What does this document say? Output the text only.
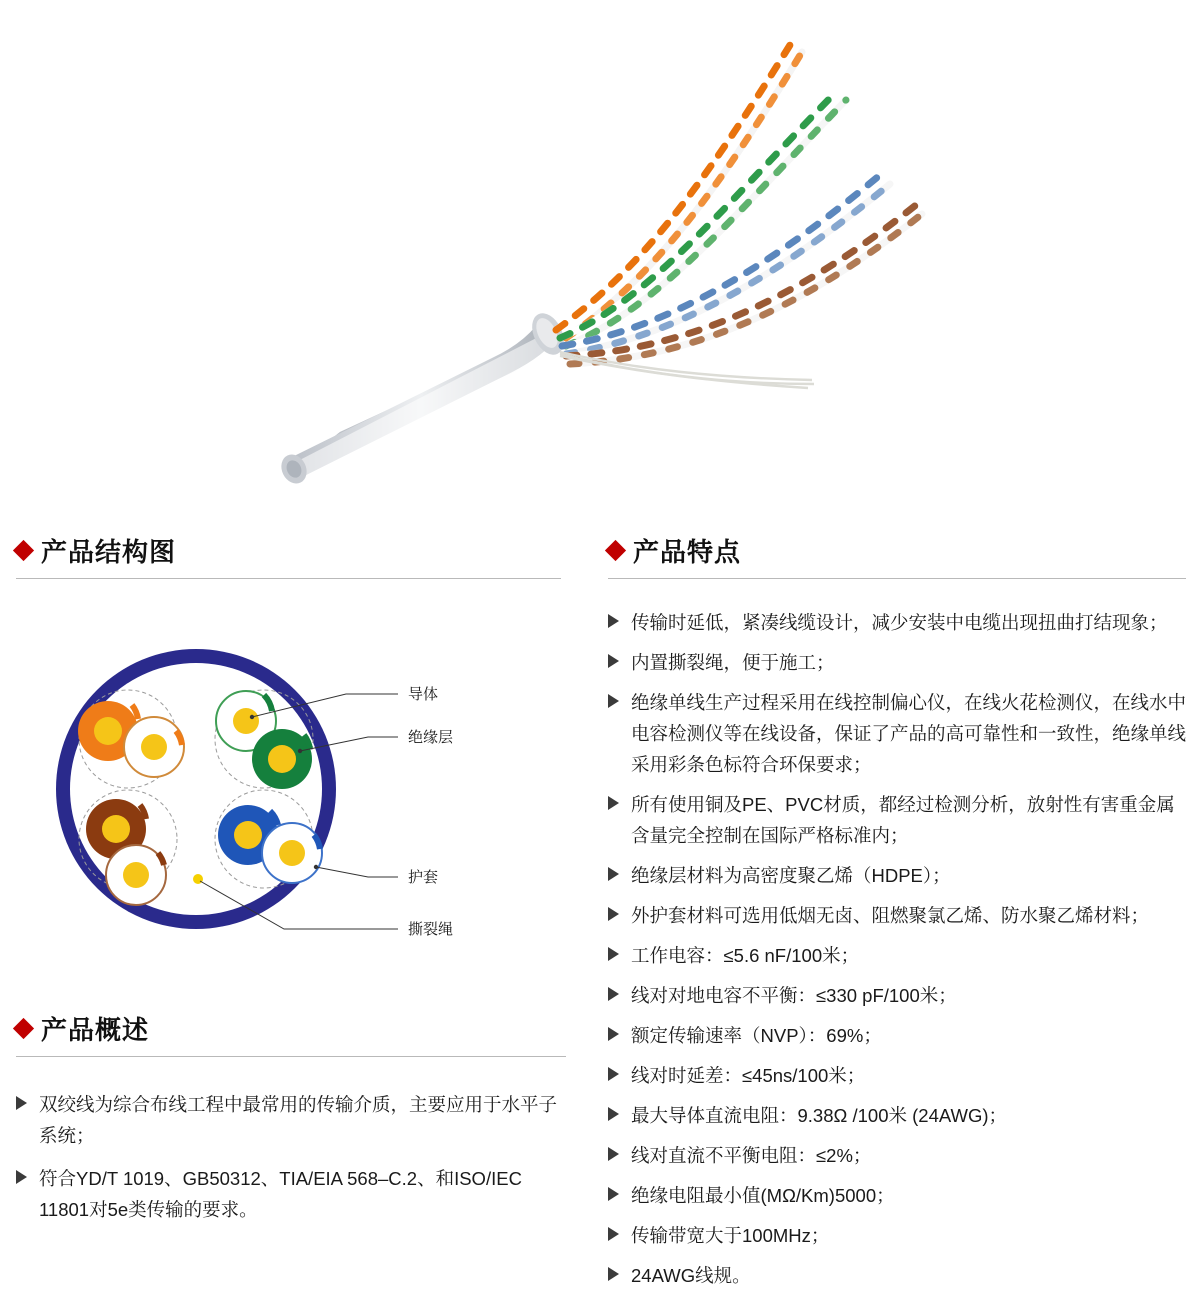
产品结构图
导体
绝缘层
护套
撕裂绳
产品概述
双绞线为综合布线工程中最常用的传输介质，主要应用于水平子系统；
符合YD/T 1019、GB50312、TIA/EIA 568–C.2、和ISO/IEC 11801对5e类传输的要求。
产品特点
传输时延低，紧凑线缆设计，减少安装中电缆出现扭曲打结现象；
内置撕裂绳，便于施工；
绝缘单线生产过程采用在线控制偏心仪，在线火花检测仪，在线水中电容检测仪等在线设备，保证了产品的高可靠性和一致性，绝缘单线采用彩条色标符合环保要求；
所有使用铜及PE、PVC材质，都经过检测分析，放射性有害重金属含量完全控制在国际严格标准内；
绝缘层材料为高密度聚乙烯（HDPE）；
外护套材料可选用低烟无卤、阻燃聚氯乙烯、防水聚乙烯材料；
工作电容：≤5.6 nF/100米；
线对对地电容不平衡：≤330 pF/100米；
额定传输速率（NVP）：69%；
线对时延差：≤45ns/100米；
最大导体直流电阻：9.38Ω /100米 (24AWG)；
线对直流不平衡电阻：≤2%；
绝缘电阻最小值(MΩ/Km)5000；
传输带宽大于100MHz；
24AWG线规。
